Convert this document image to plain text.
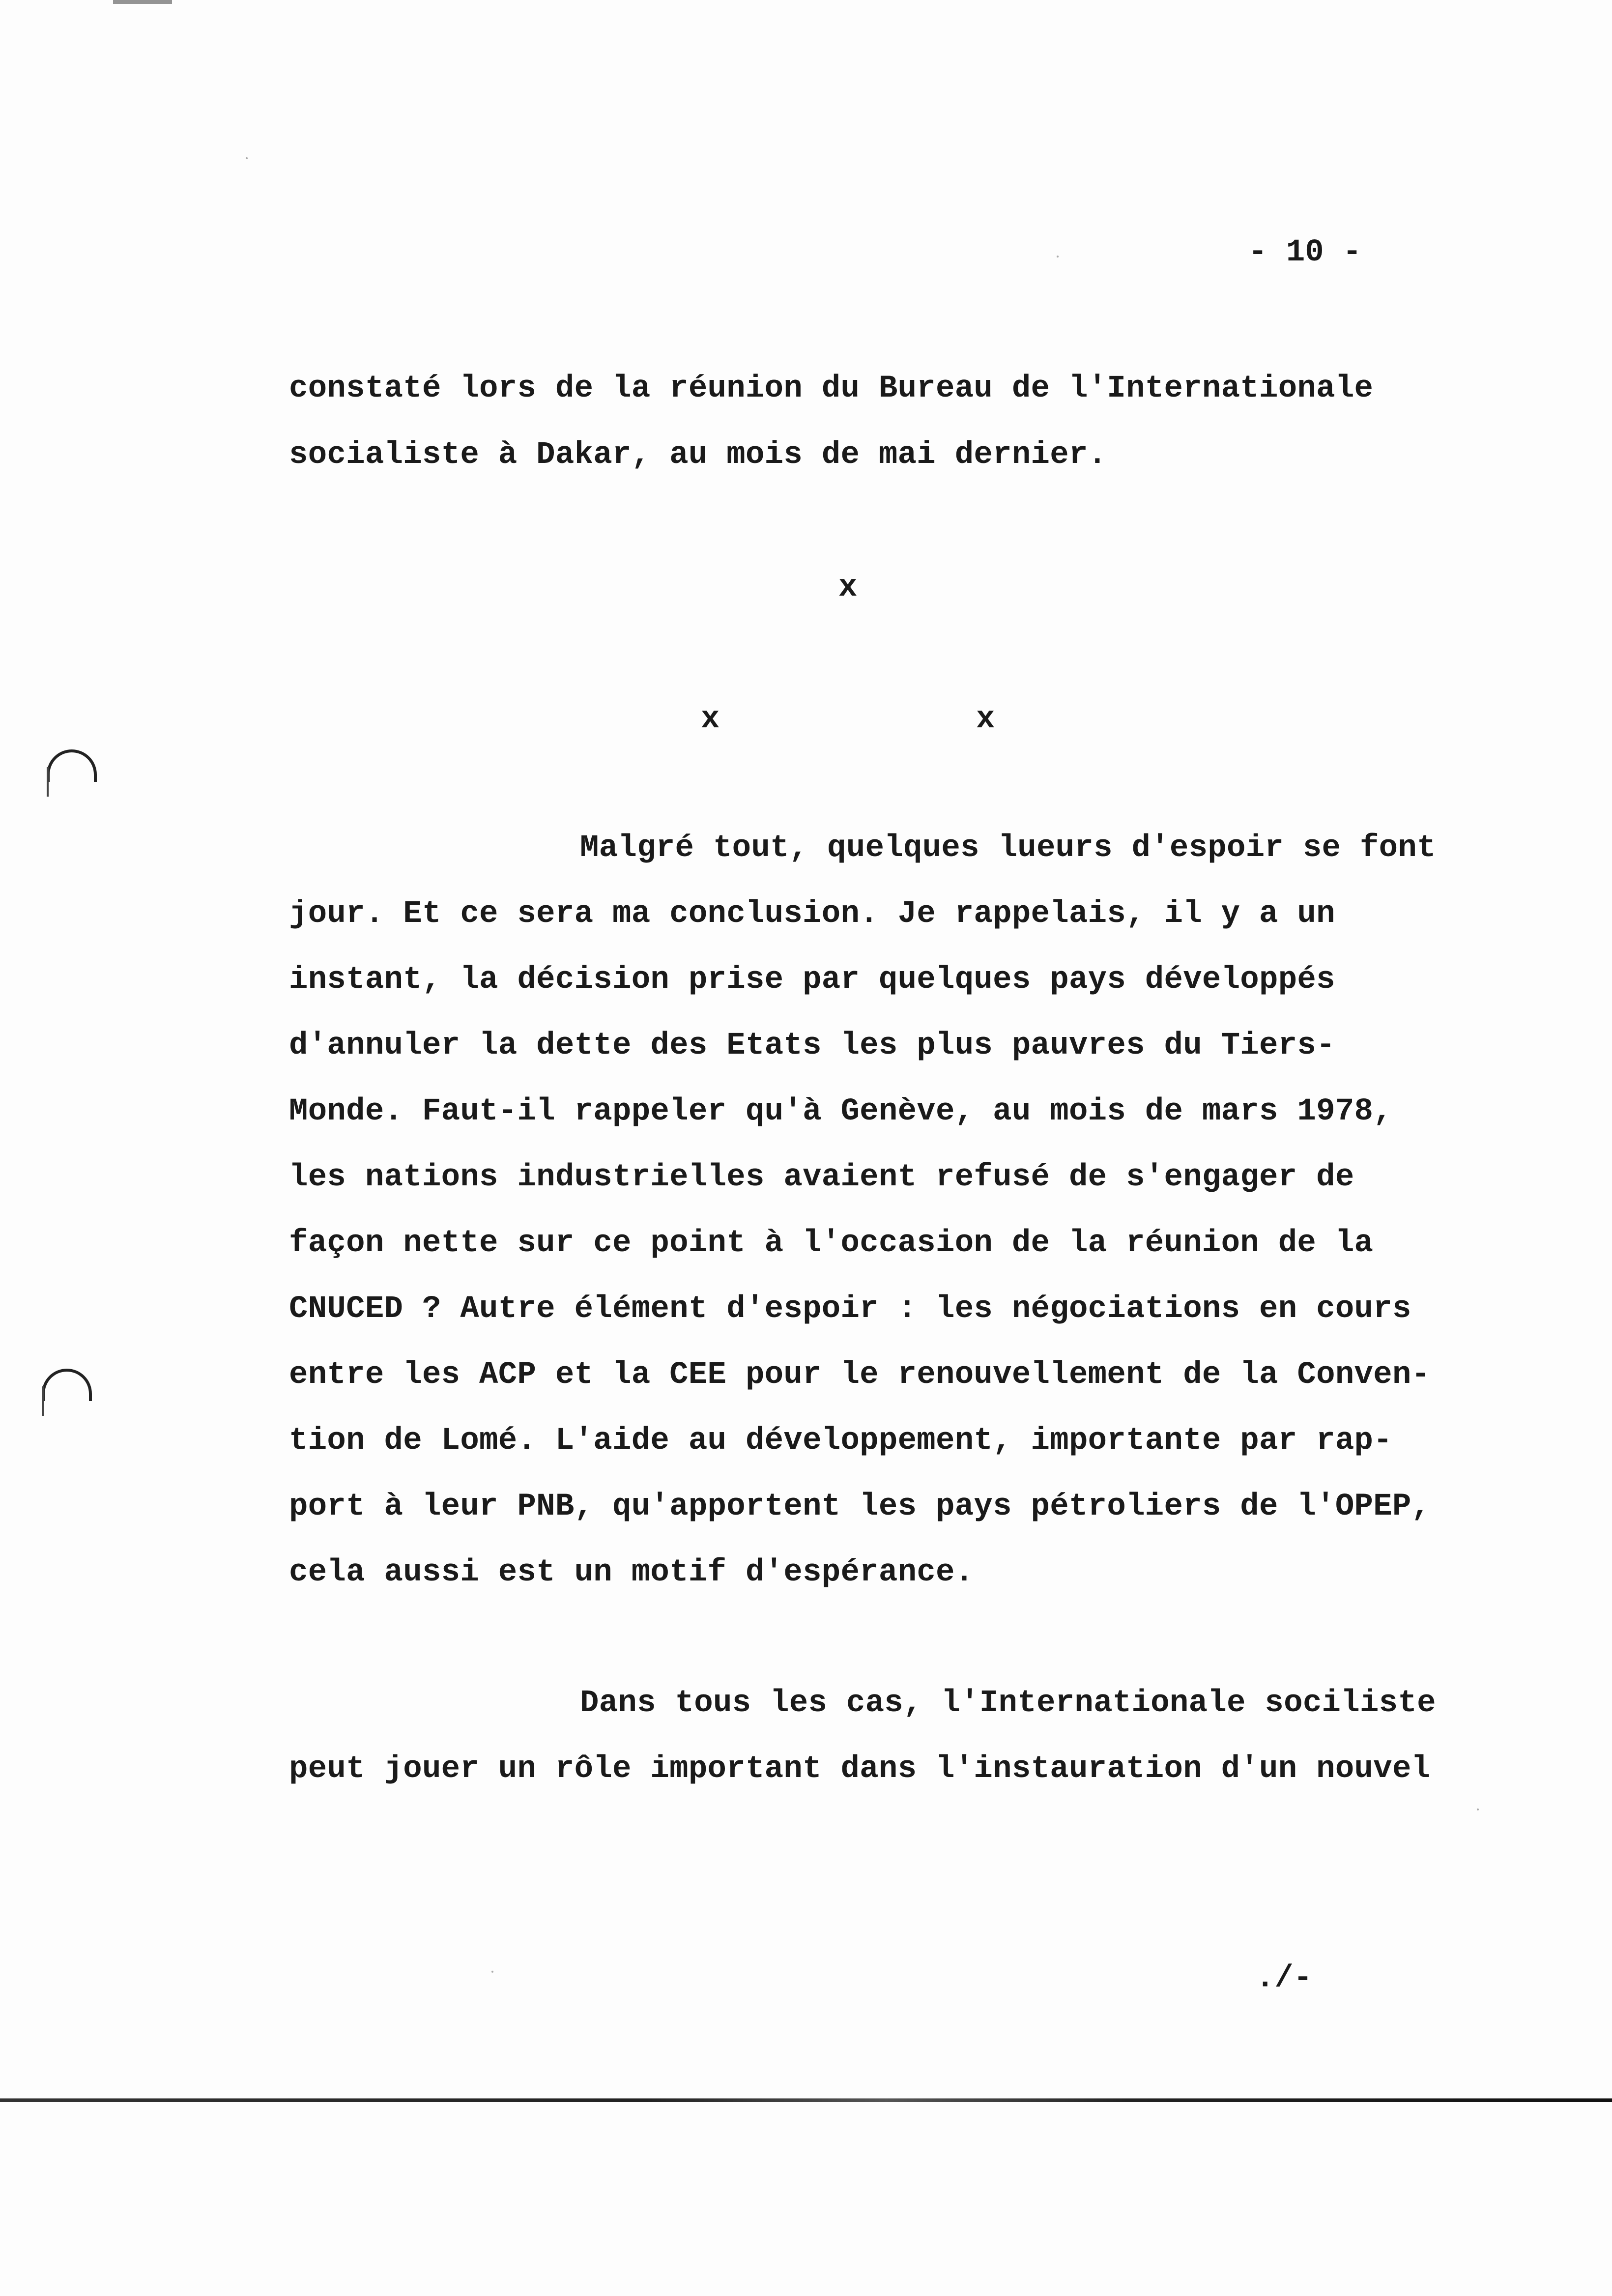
- 10 -
constaté lors de la réunion du Bureau de l'Internationale
socialiste à Dakar, au mois de mai dernier.
x
x	x
Malgré tout, quelques lueurs d'espoir se font
jour. Et ce sera ma conclusion. Je rappelais, il y a un
instant, la décision prise par quelques pays développés
d'annuler la dette des Etats les plus pauvres du Tiers-
Monde. Faut-il rappeler qu'à Genève, au mois de mars 1978,
les nations industrielles avaient refusé de s'engager de
façon nette sur ce point à l'occasion de la réunion de la
CNUCED ? Autre élément d'espoir : les négociations en cours
entre les ACP et la CEE pour le renouvellement de la Conven-
tion de Lomé. L'aide au développement, importante par rap-
port à leur PNB, qu'apportent les pays pétroliers de l'OPEP,
cela aussi est un motif d'espérance.
Dans tous les cas, l'Internationale sociliste
peut jouer un rôle important dans l'instauration d'un nouvel
./-
